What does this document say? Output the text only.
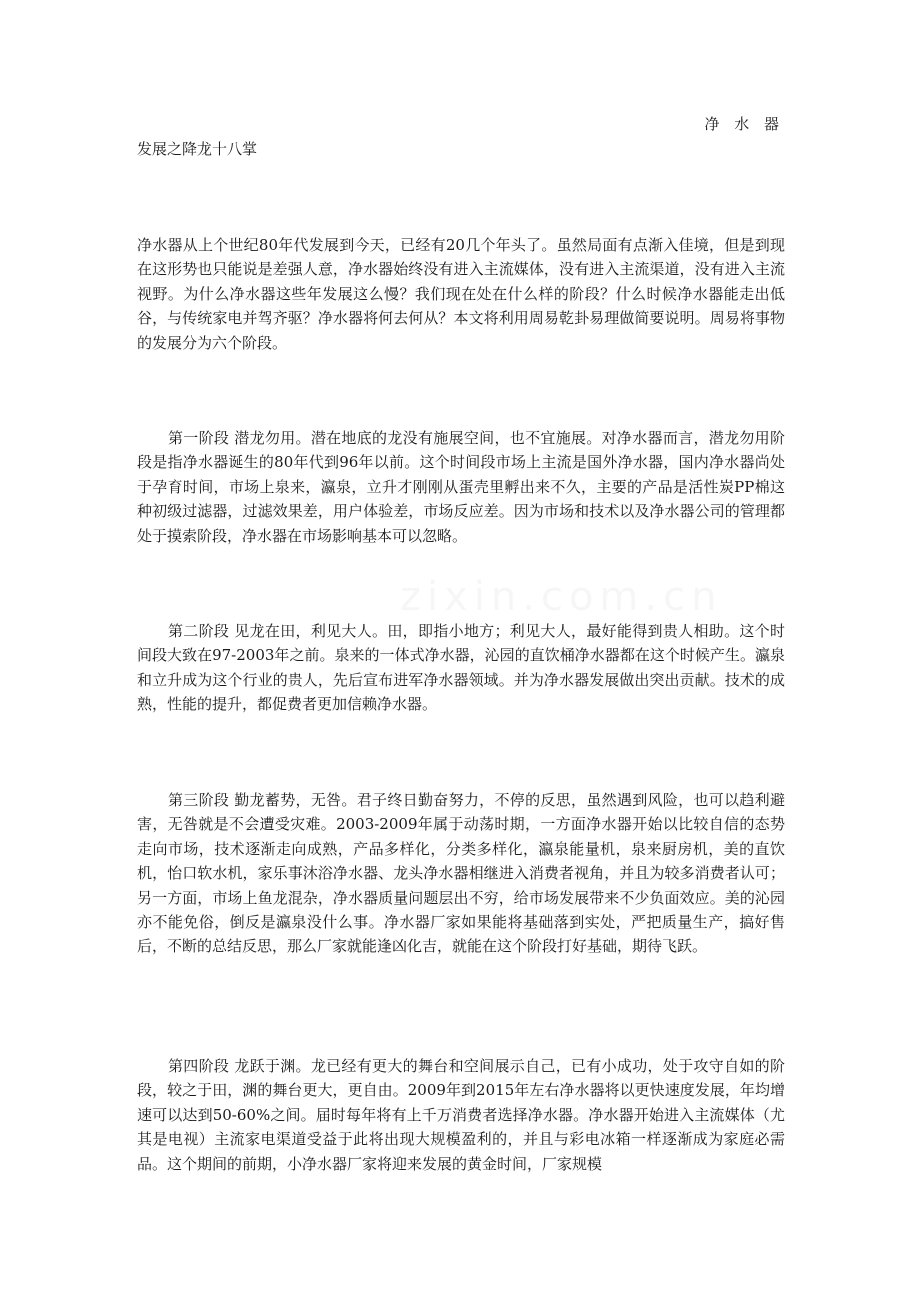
净 水 器
发展之降龙十八掌

净水器从上个世纪80年代发展到今天，已经有20几个年头了。虽然局面有点渐入佳境，但是到现在这形势也只能说是差强人意，净水器始终没有进入主流媒体，没有进入主流渠道，没有进入主流视野。为什么净水器这些年发展这么慢？我们现在处在什么样的阶段？什么时候净水器能走出低谷，与传统家电并驾齐驱？净水器将何去何从？本文将利用周易乾卦易理做简要说明。周易将事物的发展分为六个阶段。

第一阶段 潜龙勿用。潜在地底的龙没有施展空间，也不宜施展。对净水器而言，潜龙勿用阶段是指净水器诞生的80年代到96年以前。这个时间段市场上主流是国外净水器，国内净水器尚处于孕育时间，市场上泉来，瀛泉，立升才刚刚从蛋壳里孵出来不久，主要的产品是活性炭PP棉这种初级过滤器，过滤效果差，用户体验差，市场反应差。因为市场和技术以及净水器公司的管理都处于摸索阶段，净水器在市场影响基本可以忽略。

第二阶段 见龙在田，利见大人。田，即指小地方；利见大人，最好能得到贵人相助。这个时间段大致在97-2003年之前。泉来的一体式净水器，沁园的直饮桶净水器都在这个时候产生。瀛泉和立升成为这个行业的贵人，先后宣布进军净水器领域。并为净水器发展做出突出贡献。技术的成熟，性能的提升，都促费者更加信赖净水器。

第三阶段 勤龙蓄势，无咎。君子终日勤奋努力，不停的反思，虽然遇到风险，也可以趋利避害，无咎就是不会遭受灾难。2003-2009年属于动荡时期，一方面净水器开始以比较自信的态势走向市场，技术逐渐走向成熟，产品多样化，分类多样化，瀛泉能量机，泉来厨房机，美的直饮机，怡口软水机，家乐事沐浴净水器、龙头净水器相继进入消费者视角，并且为较多消费者认可；另一方面，市场上鱼龙混杂，净水器质量问题层出不穷，给市场发展带来不少负面效应。美的沁园亦不能免俗，倒反是瀛泉没什么事。净水器厂家如果能将基础落到实处，严把质量生产，搞好售后，不断的总结反思，那么厂家就能逢凶化吉，就能在这个阶段打好基础，期待飞跃。

第四阶段 龙跃于渊。龙已经有更大的舞台和空间展示自己，已有小成功，处于攻守自如的阶段，较之于田，渊的舞台更大，更自由。2009年到2015年左右净水器将以更快速度发展，年均增速可以达到50-60%之间。届时每年将有上千万消费者选择净水器。净水器开始进入主流媒体（尤其是电视）主流家电渠道受益于此将出现大规模盈利的，并且与彩电冰箱一样逐渐成为家庭必需品。这个期间的前期，小净水器厂家将迎来发展的黄金时间，厂家规模
